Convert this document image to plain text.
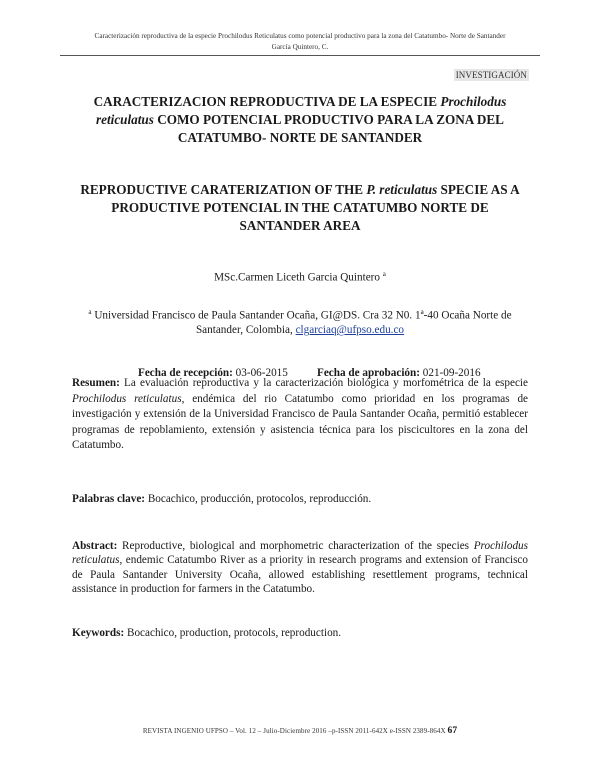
Caracterización reproductiva de la especie Prochilodus Reticulatus como potencial productivo para la zona del Catatumbo- Norte de Santander
García Quintero, C.
INVESTIGACIÓN
CARACTERIZACION REPRODUCTIVA DE LA ESPECIE Prochilodus reticulatus COMO POTENCIAL PRODUCTIVO PARA LA ZONA DEL CATATUMBO- NORTE DE SANTANDER
REPRODUCTIVE CARATERIZATION OF THE P. reticulatus SPECIE AS A PRODUCTIVE POTENCIAL IN THE CATATUMBO NORTE DE SANTANDER AREA
MSc.Carmen Liceth Garcia Quintero $^a$
$^a$ Universidad Francisco de Paula Santander Ocaña, GI@DS. Cra 32 N0. 1ª-40 Ocaña Norte de Santander, Colombia, clgarciaq@ufpso.edu.co
Fecha de recepción: 03-06-2015	Fecha de aprobación: 021-09-2016
Resumen: La evaluación reproductiva y la caracterización biológica y morfométrica de la especie Prochilodus reticulatus, endémica del rio Catatumbo como prioridad en los programas de investigación y extensión de la Universidad Francisco de Paula Santander Ocaña, permitió establecer programas de repoblamiento, extensión y asistencia técnica para los piscicultores en la zona del Catatumbo.
Palabras clave: Bocachico, producción, protocolos, reproducción.
Abstract: Reproductive, biological and morphometric characterization of the species Prochilodus reticulatus, endemic Catatumbo River as a priority in research programs and extension of Francisco de Paula Santander University Ocaña, allowed establishing resettlement programs, technical assistance in production for farmers in the Catatumbo.
Keywords: Bocachico, production, protocols, reproduction.
REVISTA INGENIO UFPSO – Vol. 12 – Julio-Diciembre 2016 –p-ISSN 2011-642X e-ISSN 2389-864X 67
